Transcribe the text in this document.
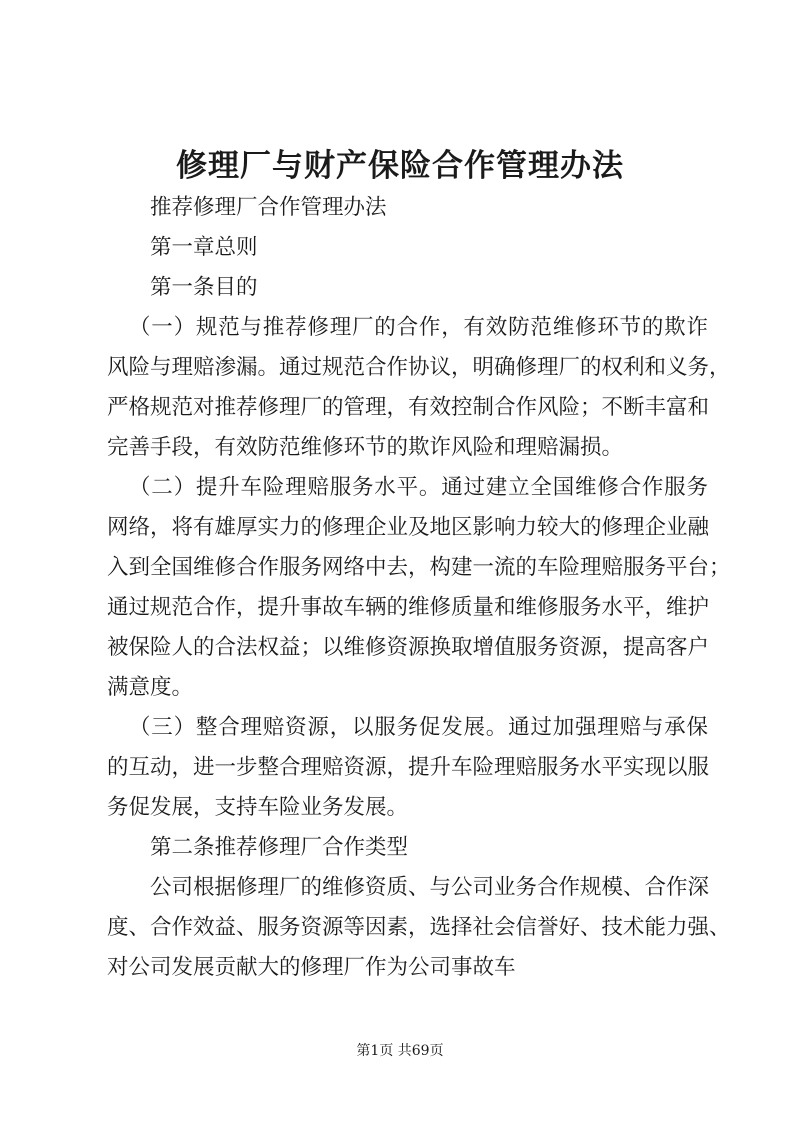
修理厂与财产保险合作管理办法
推荐修理厂合作管理办法
第一章总则
第一条目的
（一）规范与推荐修理厂的合作，有效防范维修环节的欺诈
风险与理赔渗漏。通过规范合作协议，明确修理厂的权利和义务，
严格规范对推荐修理厂的管理，有效控制合作风险；不断丰富和
完善手段，有效防范维修环节的欺诈风险和理赔漏损。
（二）提升车险理赔服务水平。通过建立全国维修合作服务
网络，将有雄厚实力的修理企业及地区影响力较大的修理企业融
入到全国维修合作服务网络中去，构建一流的车险理赔服务平台；
通过规范合作，提升事故车辆的维修质量和维修服务水平，维护
被保险人的合法权益；以维修资源换取增值服务资源，提高客户
满意度。
（三）整合理赔资源，以服务促发展。通过加强理赔与承保
的互动，进一步整合理赔资源，提升车险理赔服务水平实现以服
务促发展，支持车险业务发展。
第二条推荐修理厂合作类型
公司根据修理厂的维修资质、与公司业务合作规模、合作深
度、合作效益、服务资源等因素，选择社会信誉好、技术能力强、
对公司发展贡献大的修理厂作为公司事故车
第1页 共69页
